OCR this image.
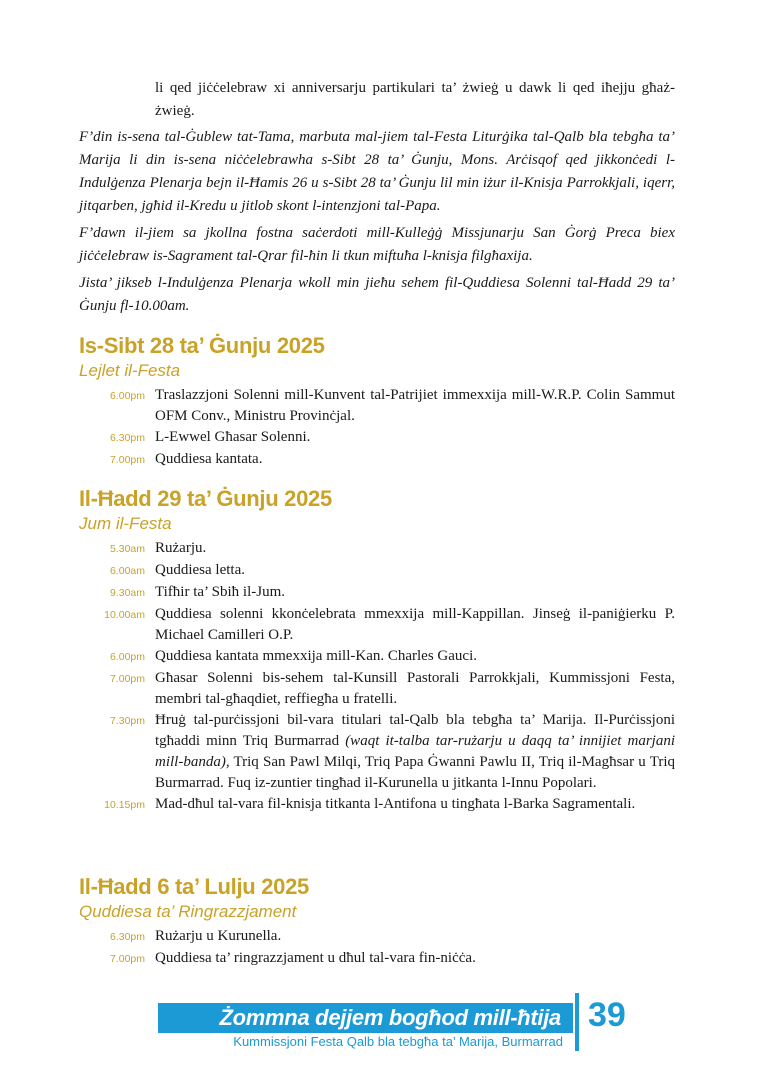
li qed jiċċelebraw xi anniversarju partikulari ta’ żwieġ u dawk li qed iħejju għaż-żwieġ.
F’din is-sena tal-Ġublew tat-Tama, marbuta mal-jiem tal-Festa Liturġika tal-Qalb bla tebgħa ta’ Marija li din is-sena niċċelebrawha s-Sibt 28 ta’ Ġunju, Mons. Arċisqof qed jikkonċedi l-Indulġenza Plenarja bejn il-Ħamis 26 u s-Sibt 28 ta’ Ġunju lil min iżur il-Knisja Parrokkjali, iqerr, jitqarben, jgħid il-Kredu u jitlob skont l-intenzjoni tal-Papa.
F’dawn il-jiem sa jkollna fostna saċerdoti mill-Kulleġġ Missjunarju San Ġorġ Preca biex jiċċelebraw is-Sagrament tal-Qrar fil-ħin li tkun miftuħa l-knisja filgħaxija.
Jista’ jikseb l-Indulġenza Plenarja wkoll min jieħu sehem fil-Quddiesa Solenni tal-Ħadd 29 ta’ Ġunju fl-10.00am.
Is-Sibt 28 ta’ Ġunju 2025
Lejlet il-Festa
6.00pm Traslazzjoni Solenni mill-Kunvent tal-Patrijiet immexxija mill-W.R.P. Colin Sammut OFM Conv., Ministru Provinċjal.
6.30pm L-Ewwel Għasar Solenni.
7.00pm Quddiesa kantata.
Il-Ħadd 29 ta’ Ġunju 2025
Jum il-Festa
5.30am Rużarju.
6.00am Quddiesa letta.
9.30am Tifħir ta’ Sbiħ il-Jum.
10.00am Quddiesa solenni kkonċelebrata mmexxija mill-Kappillan. Jinseġ il-paniġierku P. Michael Camilleri O.P.
6.00pm Quddiesa kantata mmexxija mill-Kan. Charles Gauci.
7.00pm Għasar Solenni bis-sehem tal-Kunsill Pastorali Parrokkjali, Kummissjoni Festa, membri tal-għaqdiet, reffiegħa u fratelli.
7.30pm Ħruġ tal-purċissjoni bil-vara titulari tal-Qalb bla tebgħa ta’ Marija. Il-Purċissjoni tgħaddi minn Triq Burmarrad (waqt it-talba tar-rużarju u daqq ta’ innijiet marjani mill-banda), Triq San Pawl Milqi, Triq Papa Ġwanni Pawlu II, Triq il-Magħsar u Triq Burmarrad. Fuq iz-zuntier tingħad il-Kurunella u jitkanta l-Innu Popolari.
10.15pm Mad-dħul tal-vara fil-knisja titkanta l-Antifona u tingħata l-Barka Sagramentali.
Il-Ħadd 6 ta’ Lulju 2025
Quddiesa ta’ Ringrazzjament
6.30pm Rużarju u Kurunella.
7.00pm Quddiesa ta’ ringrazzjament u dħul tal-vara fin-niċċa.
Żommna dejjem bogħod mill-ħtija 39
Kummissjoni Festa Qalb bla tebgħa ta’ Marija, Burmarrad
